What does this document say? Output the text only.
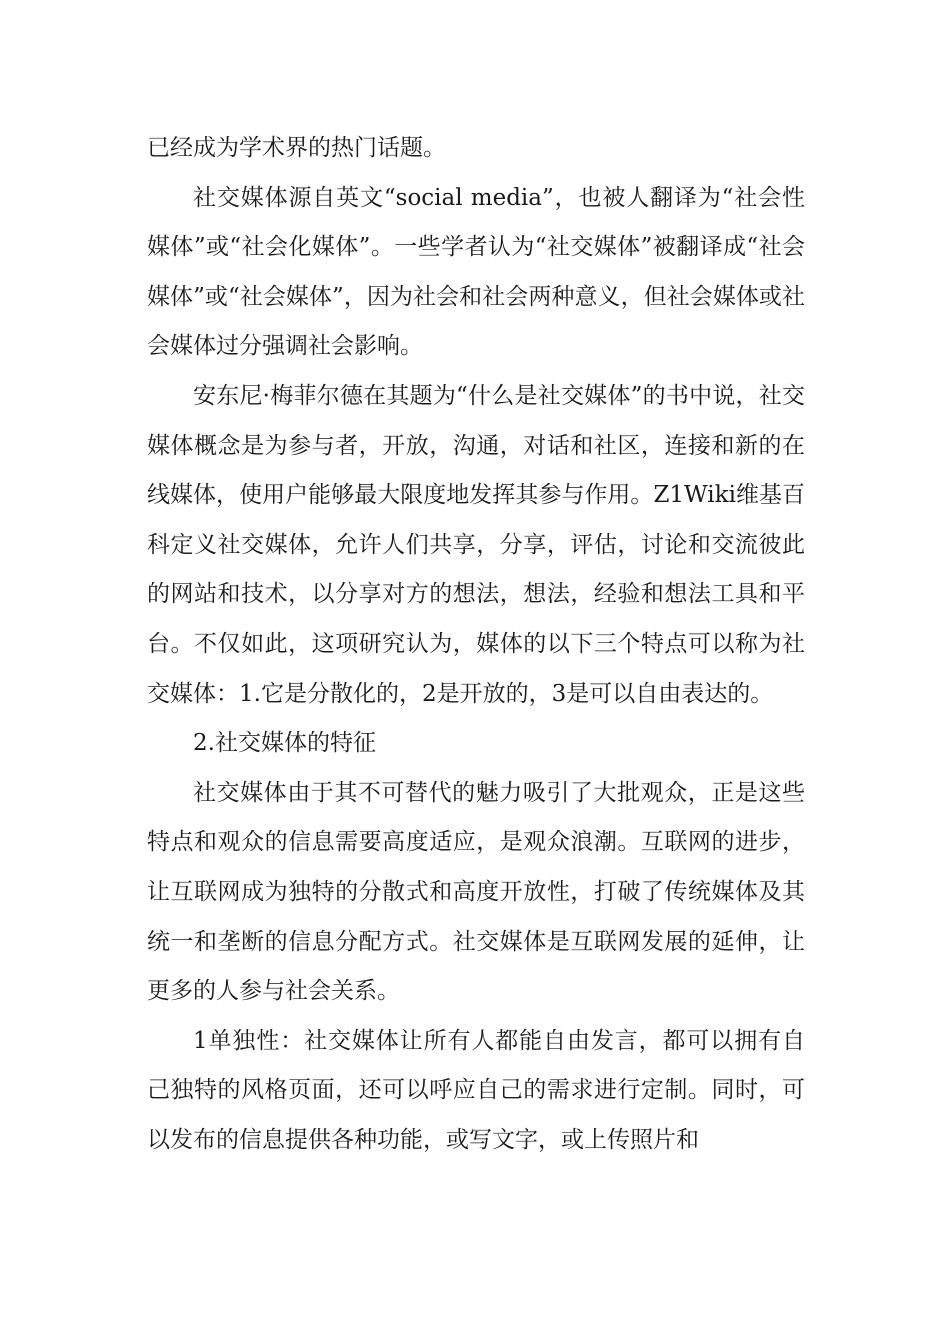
已经成为学术界的热门话题。

社交媒体源自英文“social media”，也被人翻译为“社会性媒体”或“社会化媒体”。一些学者认为“社交媒体”被翻译成“社会媒体”或“社会媒体”，因为社会和社会两种意义，但社会媒体或社会媒体过分强调社会影响。

安东尼·梅菲尔德在其题为“什么是社交媒体”的书中说，社交媒体概念是为参与者，开放，沟通，对话和社区，连接和新的在线媒体，使用户能够最大限度地发挥其参与作用。Z1Wiki维基百科定义社交媒体，允许人们共享，分享，评估，讨论和交流彼此的网站和技术，以分享对方的想法，想法，经验和想法工具和平台。不仅如此，这项研究认为，媒体的以下三个特点可以称为社交媒体：1.它是分散化的，2是开放的，3是可以自由表达的。

2.社交媒体的特征

社交媒体由于其不可替代的魅力吸引了大批观众，正是这些特点和观众的信息需要高度适应，是观众浪潮。互联网的进步，让互联网成为独特的分散式和高度开放性，打破了传统媒体及其统一和垄断的信息分配方式。社交媒体是互联网发展的延伸，让更多的人参与社会关系。

1单独性：社交媒体让所有人都能自由发言，都可以拥有自己独特的风格页面，还可以呼应自己的需求进行定制。同时，可以发布的信息提供各种功能，或写文字，或上传照片和
